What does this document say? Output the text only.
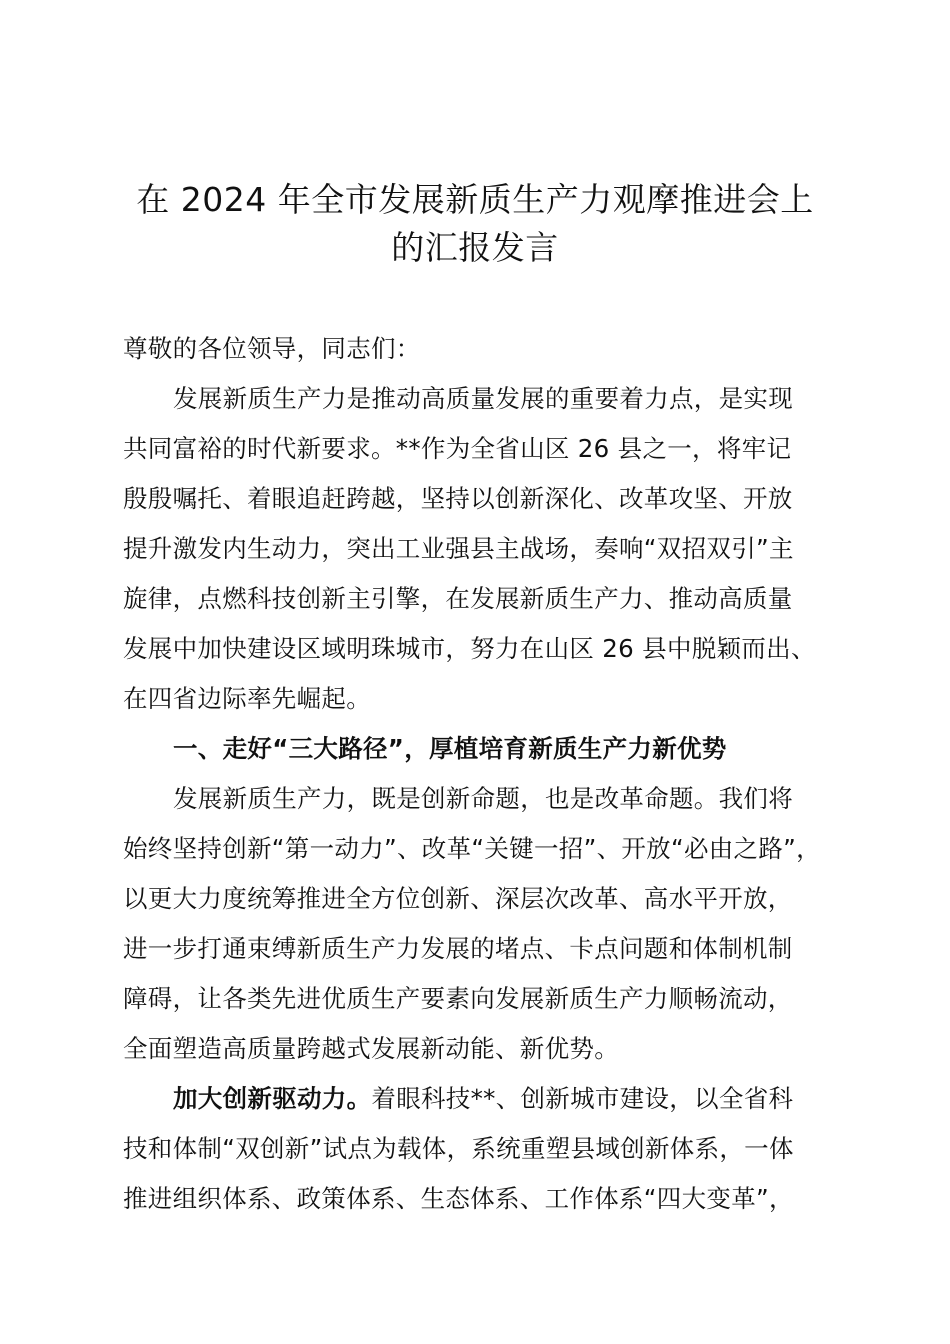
在 2024 年全市发展新质生产力观摩推进会上
的汇报发言
尊敬的各位领导，同志们：
发展新质生产力是推动高质量发展的重要着力点，是实现
共同富裕的时代新要求。**作为全省山区 26 县之一，将牢记
殷殷嘱托、着眼追赶跨越，坚持以创新深化、改革攻坚、开放
提升激发内生动力，突出工业强县主战场，奏响“双招双引”主
旋律，点燃科技创新主引擎，在发展新质生产力、推动高质量
发展中加快建设区域明珠城市，努力在山区 26 县中脱颖而出、
在四省边际率先崛起。
一、走好“三大路径”，厚植培育新质生产力新优势
发展新质生产力，既是创新命题，也是改革命题。我们将
始终坚持创新“第一动力”、改革“关键一招”、开放“必由之路”，
以更大力度统筹推进全方位创新、深层次改革、高水平开放，
进一步打通束缚新质生产力发展的堵点、卡点问题和体制机制
障碍，让各类先进优质生产要素向发展新质生产力顺畅流动，
全面塑造高质量跨越式发展新动能、新优势。
加大创新驱动力。着眼科技**、创新城市建设，以全省科
技和体制“双创新”试点为载体，系统重塑县域创新体系，一体
推进组织体系、政策体系、生态体系、工作体系“四大变革”，
